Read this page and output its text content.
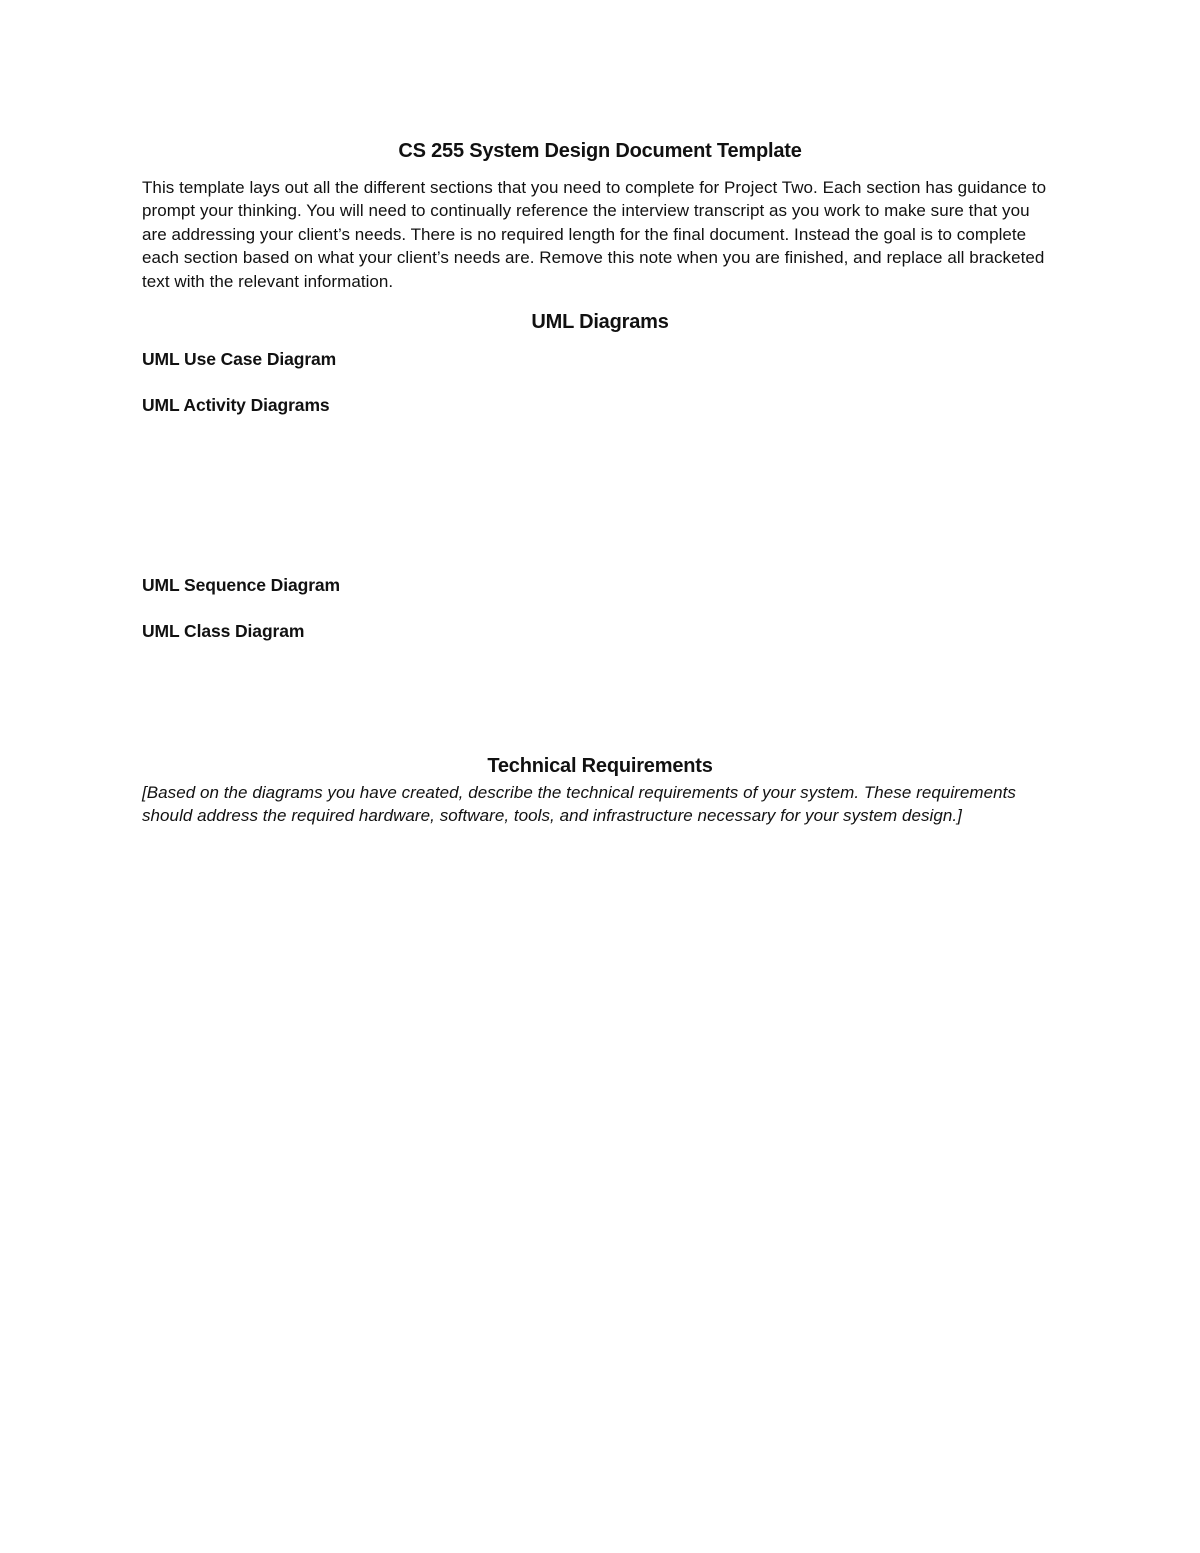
CS 255 System Design Document Template

This template lays out all the different sections that you need to complete for Project Two. Each section has guidance to prompt your thinking. You will need to continually reference the interview transcript as you work to make sure that you are addressing your client’s needs. There is no required length for the final document. Instead the goal is to complete each section based on what your client’s needs are. Remove this note when you are finished, and replace all bracketed text with the relevant information.

UML Diagrams
UML Use Case Diagram
UML Activity Diagrams
UML Sequence Diagram
UML Class Diagram
Technical Requirements

[Based on the diagrams you have created, describe the technical requirements of your system. These requirements should address the required hardware, software, tools, and infrastructure necessary for your system design.]
